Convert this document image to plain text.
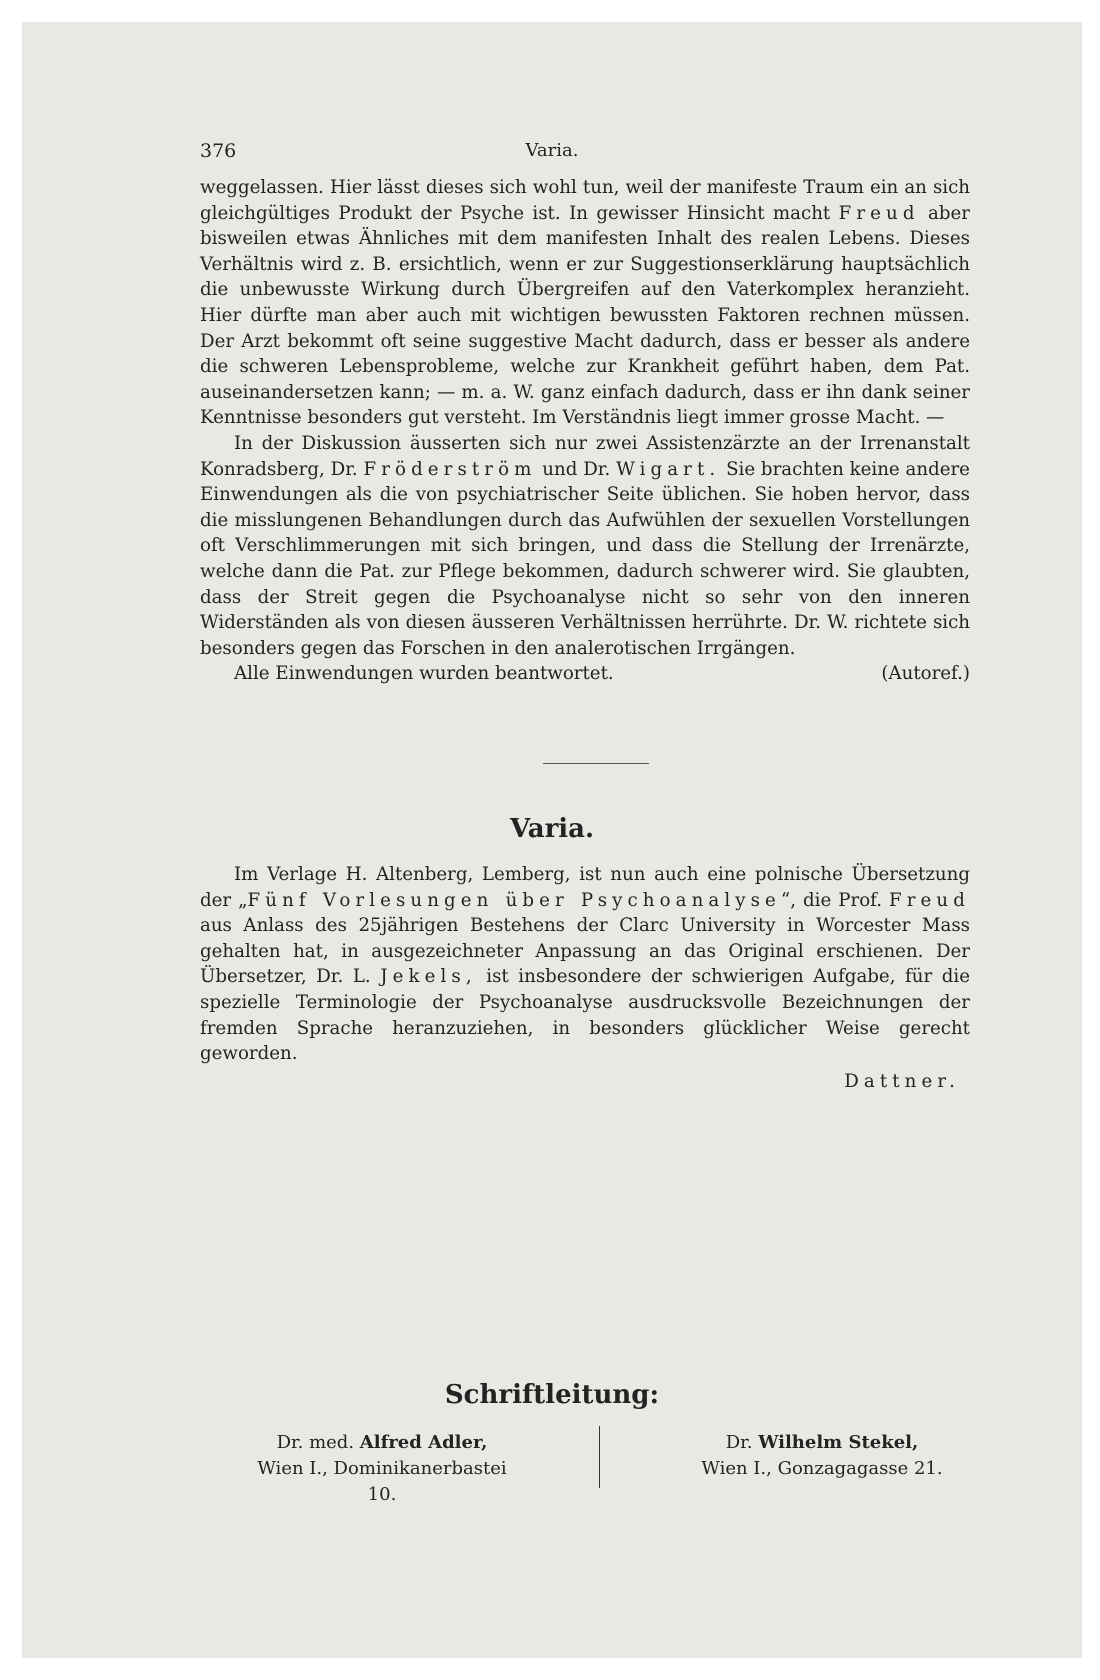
Varia.
376

weggelassen. Hier lässt dieses sich wohl tun, weil der manifeste Traum ein an sich gleichgültiges Produkt der Psyche ist. In gewisser Hinsicht macht Freud aber bisweilen etwas Ähnliches mit dem manifesten Inhalt des realen Lebens. Dieses Verhältnis wird z. B. ersichtlich, wenn er zur Suggestionserklärung hauptsächlich die unbewusste Wirkung durch Übergreifen auf den Vaterkomplex heranzieht. Hier dürfte man aber auch mit wichtigen bewussten Faktoren rechnen müssen. Der Arzt bekommt oft seine suggestive Macht dadurch, dass er besser als andere die schweren Lebensprobleme, welche zur Krankheit geführt haben, dem Pat. auseinandersetzen kann; — m. a. W. ganz einfach dadurch, dass er ihn dank seiner Kenntnisse besonders gut versteht. Im Verständnis liegt immer grosse Macht. —

In der Diskussion äusserten sich nur zwei Assistenzärzte an der Irrenanstalt Konradsberg, Dr. Fröderström und Dr. Wigart. Sie brachten keine andere Einwendungen als die von psychiatrischer Seite üblichen. Sie hoben hervor, dass die misslungenen Behandlungen durch das Aufwühlen der sexuellen Vorstellungen oft Verschlimmerungen mit sich bringen, und dass die Stellung der Irrenärzte, welche dann die Pat. zur Pflege bekommen, dadurch schwerer wird. Sie glaubten, dass der Streit gegen die Psychoanalyse nicht so sehr von den inneren Widerständen als von diesen äusseren Verhältnissen herrührte. Dr. W. richtete sich besonders gegen das Forschen in den analerotischen Irrgängen.

Alle Einwendungen wurden beantwortet.	(Autoref.)

Varia.

Im Verlage H. Altenberg, Lemberg, ist nun auch eine polnische Übersetzung der „Fünf Vorlesungen über Psychoanalyse“, die Prof. Freud aus Anlass des 25jährigen Bestehens der Clarc University in Worcester Mass gehalten hat, in ausgezeichneter Anpassung an das Original erschienen. Der Übersetzer, Dr. L. Jekels, ist insbesondere der schwierigen Aufgabe, für die spezielle Terminologie der Psychoanalyse ausdrucksvolle Bezeichnungen der fremden Sprache heranzuziehen, in besonders glücklicher Weise gerecht geworden.

Dattner.

Schriftleitung:
Dr. med. Alfred Adler,
Wien I., Dominikanerbastei 10.
Dr. Wilhelm Stekel,
Wien I., Gonzagagasse 21.
